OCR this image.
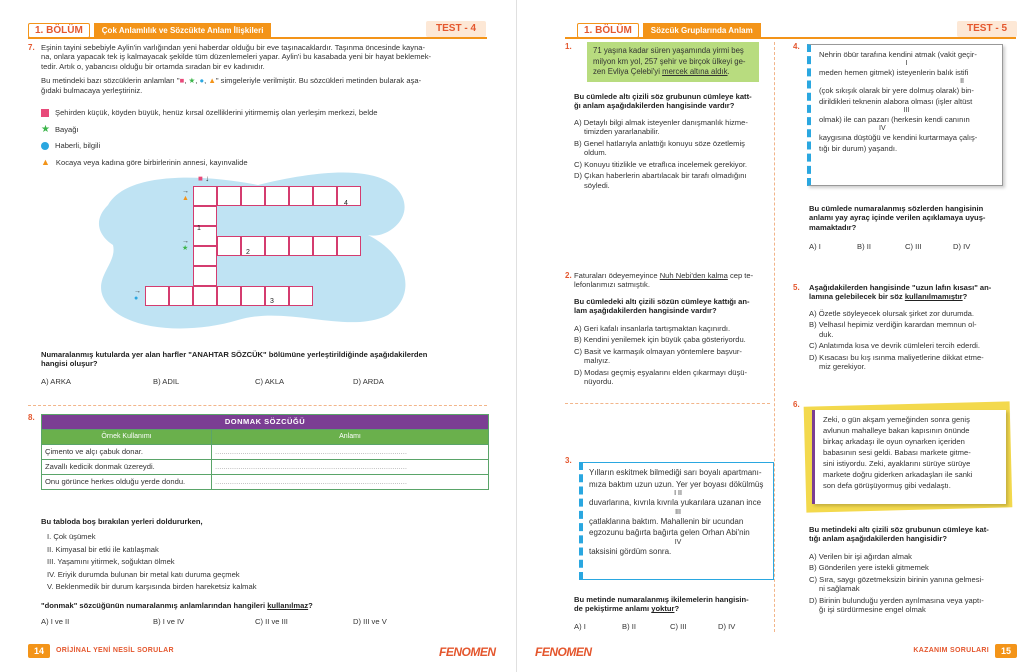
1. BÖLÜM	Çok Anlamlılık ve Sözcükte Anlam İlişkileri	TEST - 4
7. Eşinin tayini sebebiyle Aylin'in varlığından yeni haberdar olduğu bir eve taşınacaklardır. Taşınma öncesinde kayna-
na, onlara yapacak tek iş kalmayacak şekilde tüm düzenlemeleri yapar. Aylin'i bu kasabada yeni bir hayat beklemek-
tedir. Artık o, yabancısı olduğu bir ortamda sıradan bir ev kadınıdır.
Bu metindeki bazı sözcüklerin anlamları "■, ★, ●, ▲" simgeleriyle verilmiştir. Bu sözcükleri metinden bularak aşa-
ğıdaki bulmacaya yerleştiriniz.
Şehirden küçük, köyden büyük, henüz kırsal özelliklerini yitirmemiş olan yerleşim merkezi, belde
★ Bayağı
Haberli, bilgili
▲ Kocaya veya kadına göre birbirlerinin annesi, kayınvalide
4
1
2
3
■ ↓
→
▲
→
★
→
●
Numaralanmış kutularda yer alan harfler "ANAHTAR SÖZCÜK" bölümüne yerleştirildiğinde aşağıdakilerden
hangisi oluşur?
A) ARKA	B) ADIL	C) AKLA	D) ARDA
8.	DONMAK SÖZCÜĞÜ	
Örnek Kullanımı	Anlamı
Çimento ve alçı çabuk donar.	...........................................................................................
Zavallı kedicik donmak üzereydi.	...........................................................................................
Onu görünce herkes olduğu yerde dondu.	...........................................................................................
Bu tabloda boş bırakılan yerleri doldururken,
I. Çok üşümek
II. Kimyasal bir etki ile katılaşmak
III. Yaşamını yitirmek, soğuktan ölmek
IV. Eriyik durumda bulunan bir metal katı duruma geçmek
V. Beklenmedik bir durum karşısında birden hareketsiz kalmak
"donmak" sözcüğünün numaralanmış anlamlarından hangileri kullanılmaz?
A) I ve II	B) I ve IV	C) II ve III	D) III ve V
14	ORİJİNAL YENİ NESİL SORULAR	FENOMEN
1. BÖLÜM	Sözcük Gruplarında Anlam	TEST - 5
1.	71 yaşına kadar süren yaşamında yirmi beş
milyon km yol, 257 şehir ve birçok ülkeyi ge-
zen Evliya Çelebi'yi mercek altına aldık.
Bu cümlede altı çizili söz grubunun cümleye katt-
ğı anlam aşağıdakilerden hangisinde vardır?
A) Detaylı bilgi almak isteyenler danışmanlık hizme-
timizden yararlanabilir.
B) Genel hatlarıyla anlattığı konuyu söze özetlemiş
oldum.
C) Konuyu titizlikle ve etraflıca incelemek gerekiyor.
D) Çıkan haberlerin abartılacak bir tarafı olmadığını
söyledi.
2. Faturaları ödeyemeyince Nuh Nebi'den kalma cep te-
lefonlarımızı satmıştık.
Bu cümledeki altı çizili sözün cümleye kattığı an-
lam aşağıdakilerden hangisinde vardır?
A) Geri kafalı insanlarla tartışmaktan kaçınırdı.
B) Kendini yenilemek için büyük çaba gösteriyordu.
C) Basit ve karmaşık olmayan yöntemlere başvur-
malıyız.
D) Modası geçmiş eşyalarını elden çıkarmayı düşü-
nüyordu.
3.
Yılların eskitmek bilmediği sarı boyalı apartmanı-
mıza baktım uzun uzun. Yer yer boyası dökülmüş
I II
duvarlarına, kıvrıla kıvrıla yukarılara uzanan ince
III
çatlaklarına baktım. Mahallenin bir ucundan
egzozunu bağırta bağırta gelen Orhan Abi'nin
IV
taksisini gördüm sonra.
Bu metinde numaralanmış ikilemelerin hangisin-
de pekiştirme anlamı yoktur?
A) I	B) II	C) III	D) IV
4.
Nehrin öbür tarafına kendini atmak (vakit geçir-
I
meden hemen gitmek) isteyenlerin balık istifi
II
(çok sıkışık olarak bir yere dolmuş olarak) bin-
dirildikleri teknenin alabora olması (işler altüst
III
olmak) ile can pazarı (herkesin kendi canının
IV
kaygısına düştüğü ve kendini kurtarmaya çalış-
tığı bir durum) yaşandı.
Bu cümlede numaralanmış sözlerden hangisinin
anlamı yay ayraç içinde verilen açıklamaya uyuş-
mamaktadır?
A) I	B) II	C) III	D) IV
5. Aşağıdakilerden hangisinde "uzun lafın kısası" an-
lamına gelebilecek bir söz kullanılmamıştır?
A) Özetle söyleyecek olursak şirket zor durumda.
B) Velhasıl hepimiz verdiğin karardan memnun ol-
duk.
C) Anlatımda kısa ve devrik cümleleri tercih ederdi.
D) Kısacası bu kış ısınma maliyetlerine dikkat etme-
miz gerekiyor.
6.
Zeki, o gün akşam yemeğinden sonra geniş
avlunun mahalleye bakan kapısının önünde
birkaç arkadaşı ile oyun oynarken içeriden
babasının sesi geldi. Babası markete gitme-
sini istiyordu. Zeki, ayaklarını sürüye sürüye
markete doğru giderken arkadaşları ile sanki
son defa görüşüyormuş gibi vedalaştı.
Bu metindeki altı çizili söz grubunun cümleye kat-
tığı anlam aşağıdakilerden hangisidir?
A) Verilen bir işi ağırdan almak
B) Gönderilen yere istekli gitmemek
C) Sıra, saygı gözetmeksizin birinin yanına gelmesi-
ni sağlamak
D) Birinin bulunduğu yerden ayrılmasına veya yaptı-
ğı işi sürdürmesine engel olmak
FENOMEN	KAZANIM SORULARI	15
